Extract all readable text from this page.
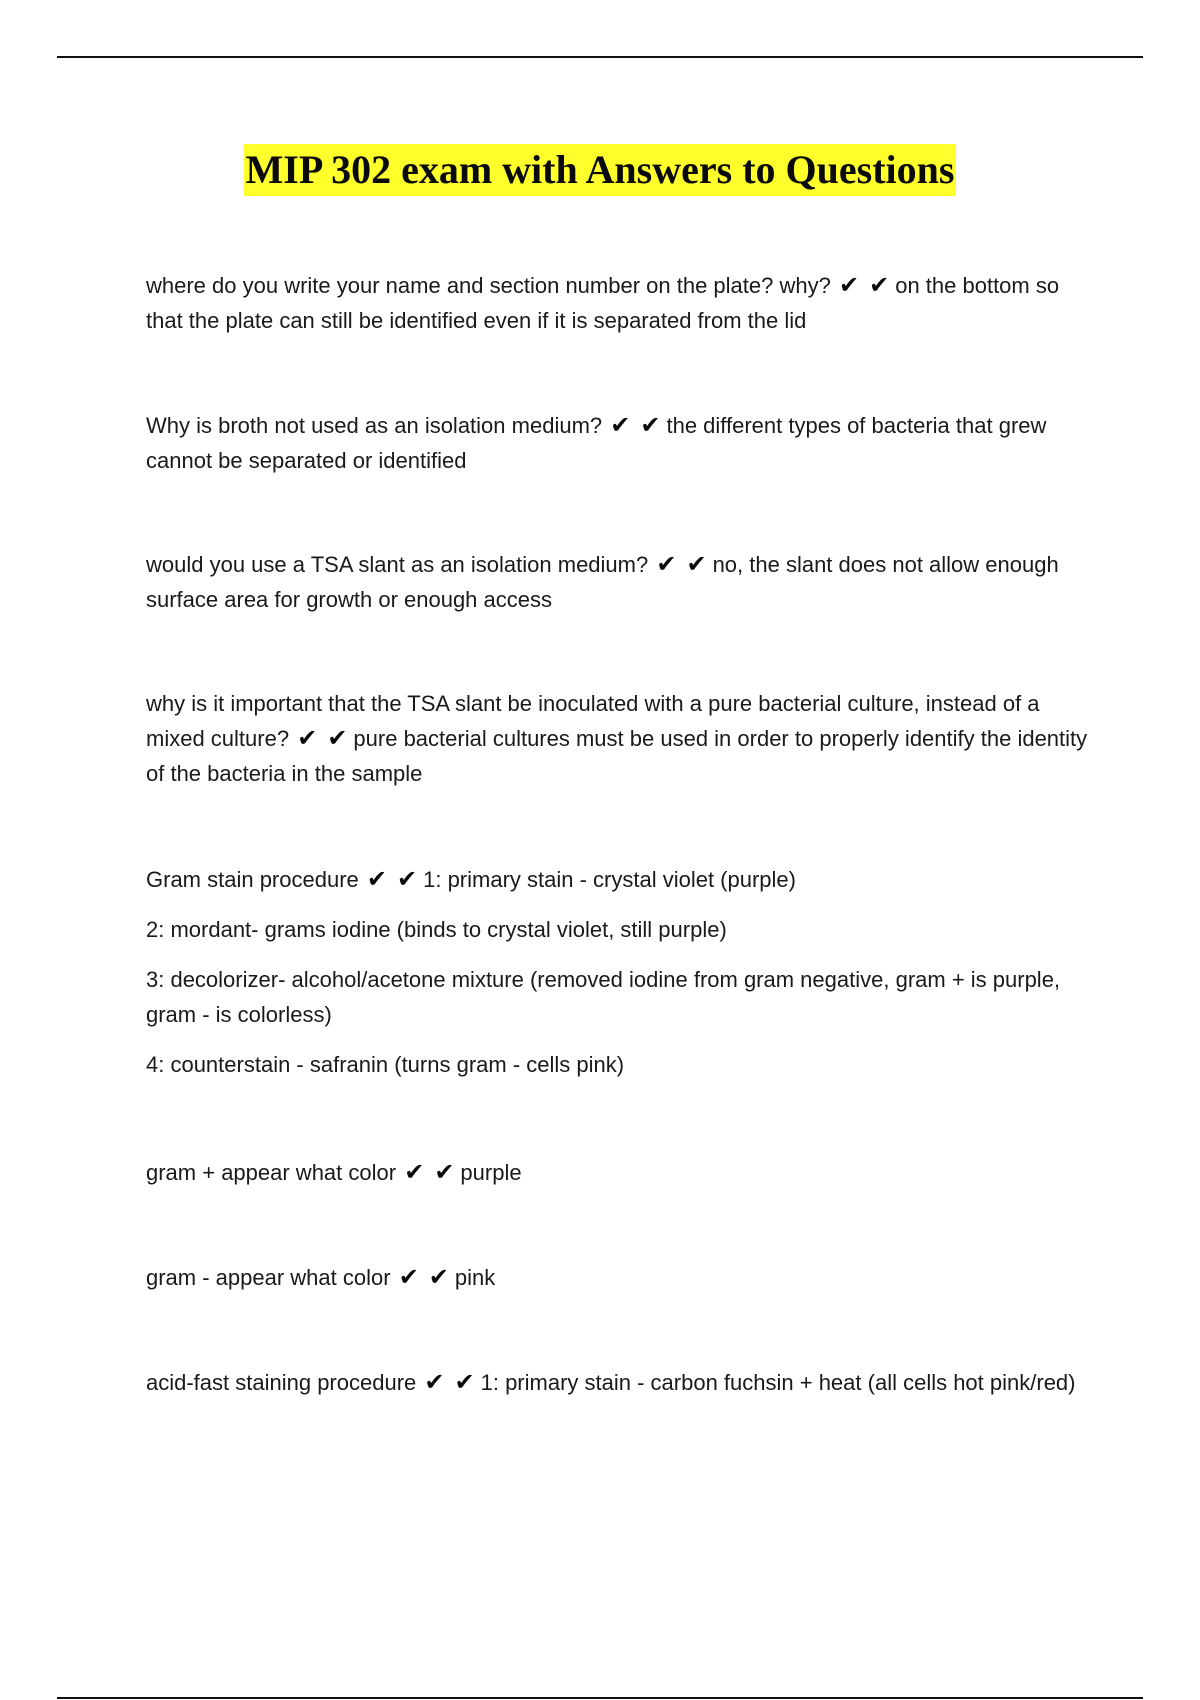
MIP 302 exam with Answers to Questions

where do you write your name and section number on the plate? why? ✔ ✔ on the bottom so that the plate can still be identified even if it is separated from the lid

Why is broth not used as an isolation medium? ✔ ✔ the different types of bacteria that grew cannot be separated or identified

would you use a TSA slant as an isolation medium? ✔ ✔ no, the slant does not allow enough surface area for growth or enough access

why is it important that the TSA slant be inoculated with a pure bacterial culture, instead of a mixed culture? ✔ ✔ pure bacterial cultures must be used in order to properly identify the identity of the bacteria in the sample

Gram stain procedure ✔ ✔ 1: primary stain - crystal violet (purple)

2: mordant- grams iodine (binds to crystal violet, still purple)

3: decolorizer- alcohol/acetone mixture (removed iodine from gram negative, gram + is purple, gram - is colorless)

4: counterstain - safranin (turns gram - cells pink)

gram + appear what color ✔ ✔ purple

gram - appear what color ✔ ✔ pink

acid-fast staining procedure ✔ ✔ 1: primary stain - carbon fuchsin + heat (all cells hot pink/red)
